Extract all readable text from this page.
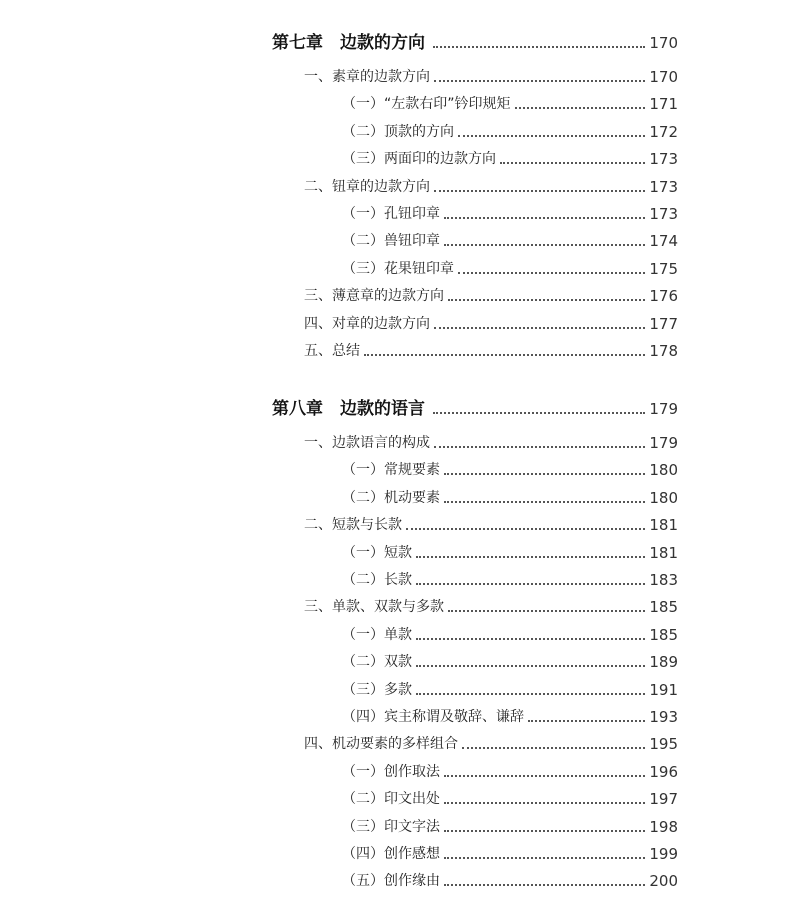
第七章　边款的方向	170
一、素章的边款方向	170
（一）“左款右印”钤印规矩	171
（二）顶款的方向	172
（三）两面印的边款方向	173
二、钮章的边款方向	173
（一）孔钮印章	173
（二）兽钮印章	174
（三）花果钮印章	175
三、薄意章的边款方向	176
四、对章的边款方向	177
五、总结	178
第八章　边款的语言	179
一、边款语言的构成	179
（一）常规要素	180
（二）机动要素	180
二、短款与长款	181
（一）短款	181
（二）长款	183
三、单款、双款与多款	185
（一）单款	185
（二）双款	189
（三）多款	191
（四）宾主称谓及敬辞、谦辞	193
四、机动要素的多样组合	195
（一）创作取法	196
（二）印文出处	197
（三）印文字法	198
（四）创作感想	199
（五）创作缘由	200
